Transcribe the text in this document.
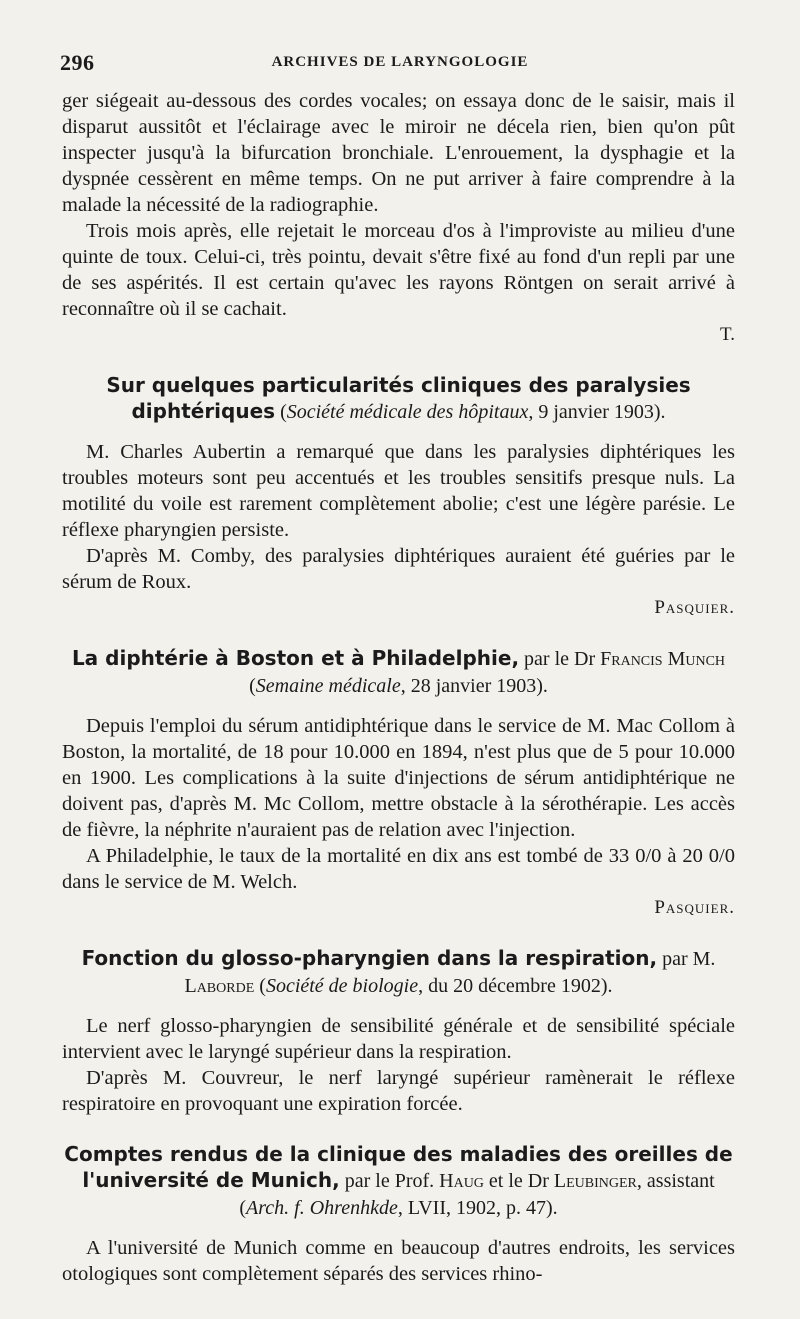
296	ARCHIVES DE LARYNGOLOGIE

ger siégeait au-dessous des cordes vocales; on essaya donc de le saisir, mais il disparut aussitôt et l'éclairage avec le miroir ne décela rien, bien qu'on pût inspecter jusqu'à la bifurcation bronchiale. L'enrouement, la dysphagie et la dyspnée cessèrent en même temps. On ne put arriver à faire comprendre à la malade la nécessité de la radiographie.

Trois mois après, elle rejetait le morceau d'os à l'improviste au milieu d'une quinte de toux. Celui-ci, très pointu, devait s'être fixé au fond d'un repli par une de ses aspérités. Il est certain qu'avec les rayons Röntgen on serait arrivé à reconnaître où il se cachait.

T.

Sur quelques particularités cliniques des paralysies diphtériques (Société médicale des hôpitaux, 9 janvier 1903).

M. Charles Aubertin a remarqué que dans les paralysies diphtériques les troubles moteurs sont peu accentués et les troubles sensitifs presque nuls. La motilité du voile est rarement complètement abolie; c'est une légère parésie. Le réflexe pharyngien persiste.

D'après M. Comby, des paralysies diphtériques auraient été guéries par le sérum de Roux.

Pasquier.

La diphtérie à Boston et à Philadelphie, par le Dr Francis Munch (Semaine médicale, 28 janvier 1903).

Depuis l'emploi du sérum antidiphtérique dans le service de M. Mac Collom à Boston, la mortalité, de 18 pour 10.000 en 1894, n'est plus que de 5 pour 10.000 en 1900. Les complications à la suite d'injections de sérum antidiphtérique ne doivent pas, d'après M. Mc Collom, mettre obstacle à la sérothérapie. Les accès de fièvre, la néphrite n'auraient pas de relation avec l'injection.

A Philadelphie, le taux de la mortalité en dix ans est tombé de 33 0/0 à 20 0/0 dans le service de M. Welch.

Pasquier.

Fonction du glosso-pharyngien dans la respiration, par M. Laborde (Société de biologie, du 20 décembre 1902).

Le nerf glosso-pharyngien de sensibilité générale et de sensibilité spéciale intervient avec le laryngé supérieur dans la respiration.

D'après M. Couvreur, le nerf laryngé supérieur ramènerait le réflexe respiratoire en provoquant une expiration forcée.

Comptes rendus de la clinique des maladies des oreilles de l'université de Munich, par le Prof. Haug et le Dr Leubinger, assistant (Arch. f. Ohrenhkde, LVII, 1902, p. 47).

A l'université de Munich comme en beaucoup d'autres endroits, les services otologiques sont complètement séparés des services rhino-
